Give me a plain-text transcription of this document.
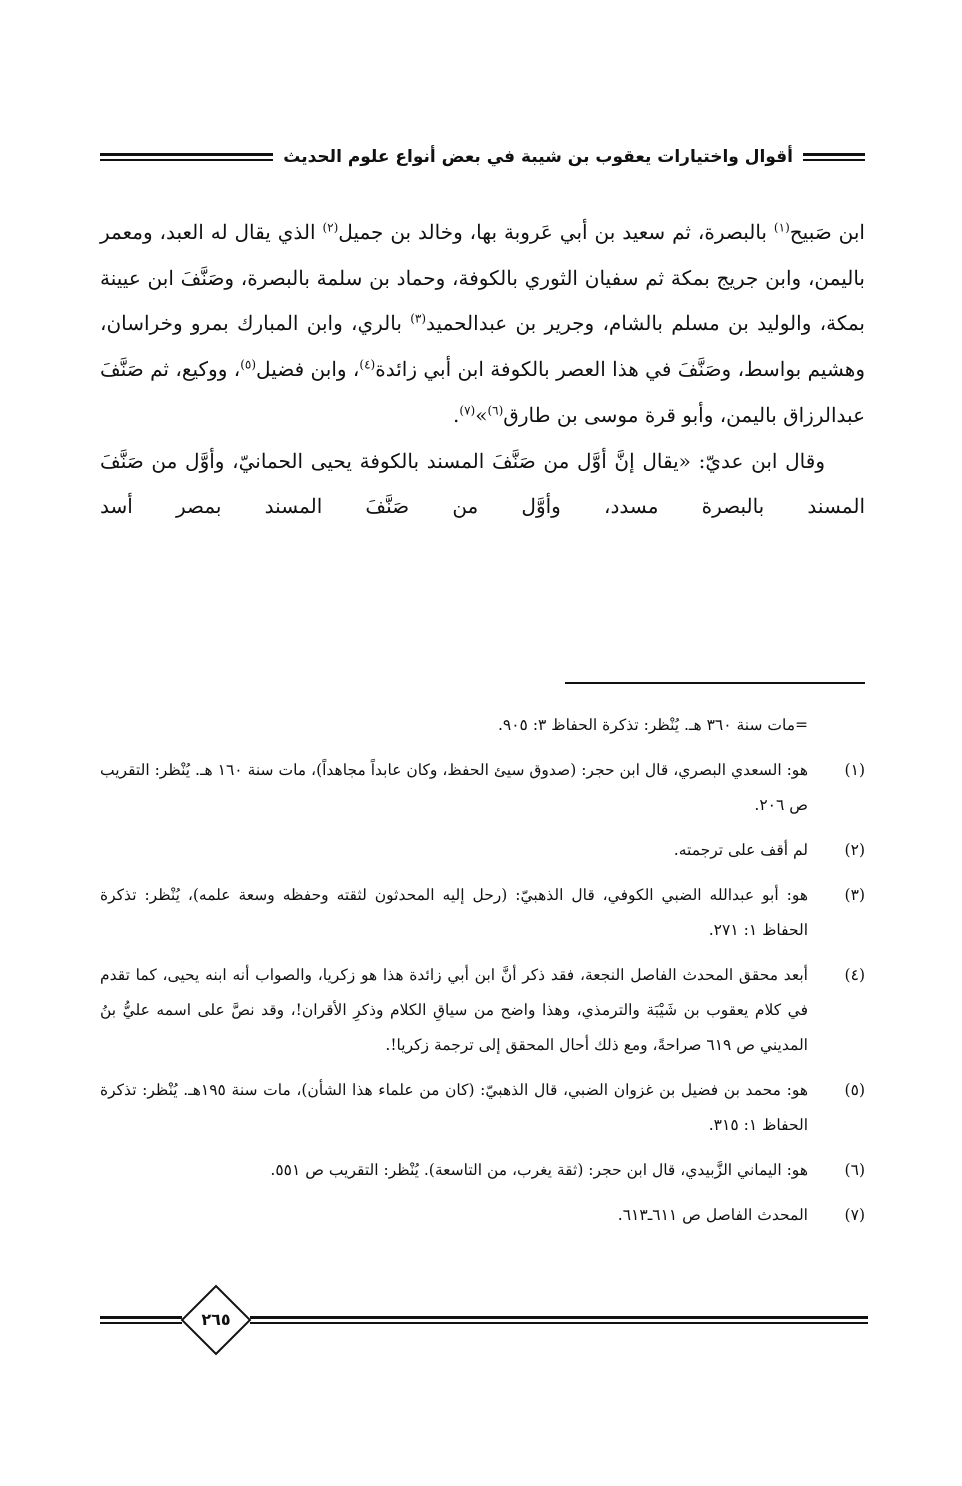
أقوال واختيارات يعقوب بن شيبة في بعض أنواع علوم الحديث

ابن صَبيح$^{(١)}$ بالبصرة، ثم سعيد بن أبي عَروبة بها، وخالد بن جميل$^{(٢)}$ الذي يقال له العبد، ومعمر باليمن، وابن جريج بمكة ثم سفيان الثوري بالكوفة، وحماد بن سلمة بالبصرة، وصَنَّفَ ابن عيينة بمكة، والوليد بن مسلم بالشام، وجرير بن عبدالحميد$^{(٣)}$ بالري، وابن المبارك بمرو وخراسان، وهشيم بواسط، وصَنَّفَ في هذا العصر بالكوفة ابن أبي زائدة$^{(٤)}$، وابن فضيل$^{(٥)}$، ووكيع، ثم صَنَّفَ عبدالرزاق باليمن، وأبو قرة موسى بن طارق$^{(٦)}$»$^{(٧)}$.

وقال ابن عديّ: «يقال إنَّ أوَّل من صَنَّفَ المسند بالكوفة يحيى الحمانيّ، وأوَّل من صَنَّفَ المسند بالبصرة مسدد، وأوَّل من صَنَّفَ المسند بمصر أسد

=مات سنة ٣٦٠ هـ. يُنْظر: تذكرة الحفاظ ٣: ٩٠٥.

(١)
هو: السعدي البصري، قال ابن حجر: (صدوق سيئ الحفظ، وكان عابداً مجاهداً)، مات سنة ١٦٠ هـ. يُنْظر: التقريب ص ٢٠٦.
(٢)
لم أقف على ترجمته.
(٣)
هو: أبو عبدالله الضبي الكوفي، قال الذهبيّ: (رحل إليه المحدثون لثقته وحفظه وسعة علمه)، يُنْظر: تذكرة الحفاظ ١: ٢٧١.
(٤)
أبعد محقق المحدث الفاصل النجعة، فقد ذكر أنَّ ابن أبي زائدة هذا هو زكريا، والصواب أنه ابنه يحيى، كما تقدم في كلام يعقوب بن شَيْبَة والترمذي، وهذا واضح من سياقِ الكلام وذكرِ الأقران!، وقد نصَّ على اسمه عليُّ بنُ المديني ص ٦١٩ صراحةً، ومع ذلك أحال المحقق إلى ترجمة زكريا!.
(٥)
هو: محمد بن فضيل بن غزوان الضبي، قال الذهبيّ: (كان من علماء هذا الشأن)، مات سنة ١٩٥هـ. يُنْظر: تذكرة الحفاظ ١: ٣١٥.
(٦)
هو: اليماني الزَّبيدي، قال ابن حجر: (ثقة يغرب، من التاسعة). يُنْظر: التقريب ص ٥٥١.
(٧)
المحدث الفاصل ص ٦١١ـ٦١٣.
٢٦٥
